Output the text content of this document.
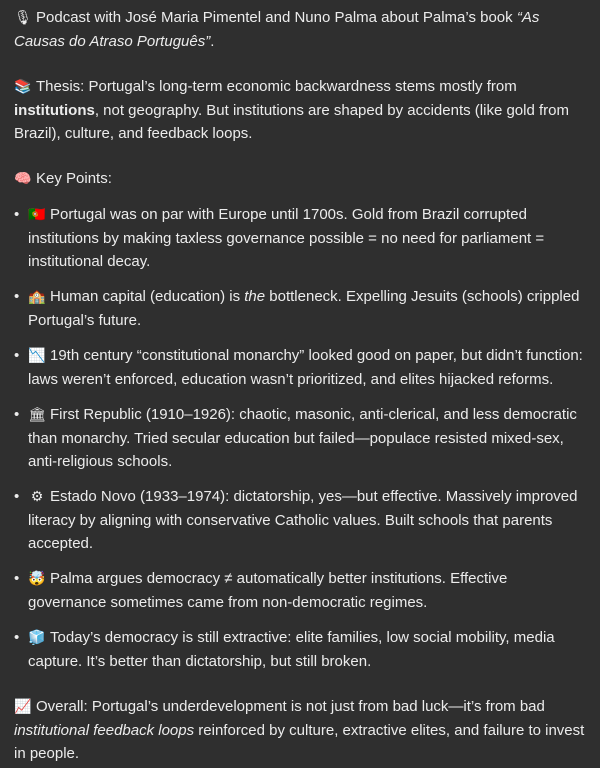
🎙 Podcast with José Maria Pimentel and Nuno Palma about Palma’s book “As Causas do Atraso Português”.

📚 Thesis: Portugal’s long-term economic backwardness stems mostly from institutions, not geography. But institutions are shaped by accidents (like gold from Brazil), culture, and feedback loops.

🧠 Key Points:

• 🇵🇹 Portugal was on par with Europe until 1700s. Gold from Brazil corrupted institutions by making taxless governance possible = no need for parliament = institutional decay.
• 🏫 Human capital (education) is the bottleneck. Expelling Jesuits (schools) crippled Portugal’s future.
• 📉 19th century “constitutional monarchy” looked good on paper, but didn’t function: laws weren’t enforced, education wasn’t prioritized, and elites hijacked reforms.
• 🏛 First Republic (1910–1926): chaotic, masonic, anti-clerical, and less democratic than monarchy. Tried secular education but failed—populace resisted mixed-sex, anti-religious schools.
• ⚙ Estado Novo (1933–1974): dictatorship, yes—but effective. Massively improved literacy by aligning with conservative Catholic values. Built schools that parents accepted.
• 🤯 Palma argues democracy ≠ automatically better institutions. Effective governance sometimes came from non-democratic regimes.
• 🧊 Today’s democracy is still extractive: elite families, low social mobility, media capture. It’s better than dictatorship, but still broken.

📈 Overall: Portugal’s underdevelopment is not just from bad luck—it’s from bad institutional feedback loops reinforced by culture, extractive elites, and failure to invest in people.
